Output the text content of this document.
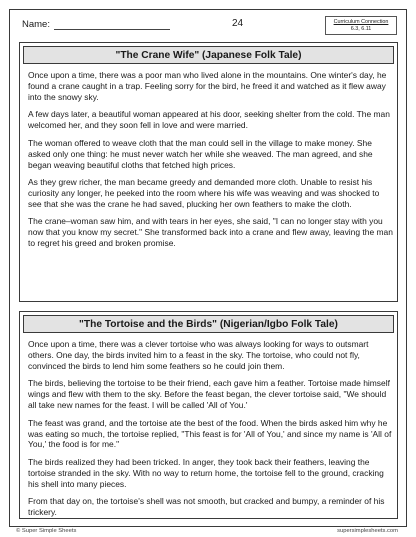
Name:	24	Curriculum Connection
6.3, 6.11
"The Crane Wife" (Japanese Folk Tale)

Once upon a time, there was a poor man who lived alone in the mountains. One winter's day, he found a crane caught in a trap. Feeling sorry for the bird, he freed it and watched as it flew away into the snowy sky.

A few days later, a beautiful woman appeared at his door, seeking shelter from the cold. The man welcomed her, and they soon fell in love and were married.

The woman offered to weave cloth that the man could sell in the village to make money. She asked only one thing: he must never watch her while she weaved. The man agreed, and she began weaving beautiful cloths that fetched high prices.

As they grew richer, the man became greedy and demanded more cloth. Unable to resist his curiosity any longer, he peeked into the room where his wife was weaving and was shocked to see that she was the crane he had saved, plucking her own feathers to make the cloth.

The crane–woman saw him, and with tears in her eyes, she said, "I can no longer stay with you now that you know my secret." She transformed back into a crane and flew away, leaving the man to regret his greed and broken promise.

"The Tortoise and the Birds" (Nigerian/Igbo Folk Tale)

Once upon a time, there was a clever tortoise who was always looking for ways to outsmart others. One day, the birds invited him to a feast in the sky. The tortoise, who could not fly, convinced the birds to lend him some feathers so he could join them.

The birds, believing the tortoise to be their friend, each gave him a feather. Tortoise made himself wings and flew with them to the sky. Before the feast began, the clever tortoise said, "We should all take new names for the feast. I will be called 'All of You.'

The feast was grand, and the tortoise ate the best of the food. When the birds asked him why he was eating so much, the tortoise replied, "This feast is for 'All of You,' and since my name is 'All of You,' the food is for me."

The birds realized they had been tricked. In anger, they took back their feathers, leaving the tortoise stranded in the sky. With no way to return home, the tortoise fell to the ground, cracking his shell into many pieces.

From that day on, the tortoise's shell was not smooth, but cracked and bumpy, a reminder of his trickery.

© Super Simple Sheets	supersimplesheets.com
